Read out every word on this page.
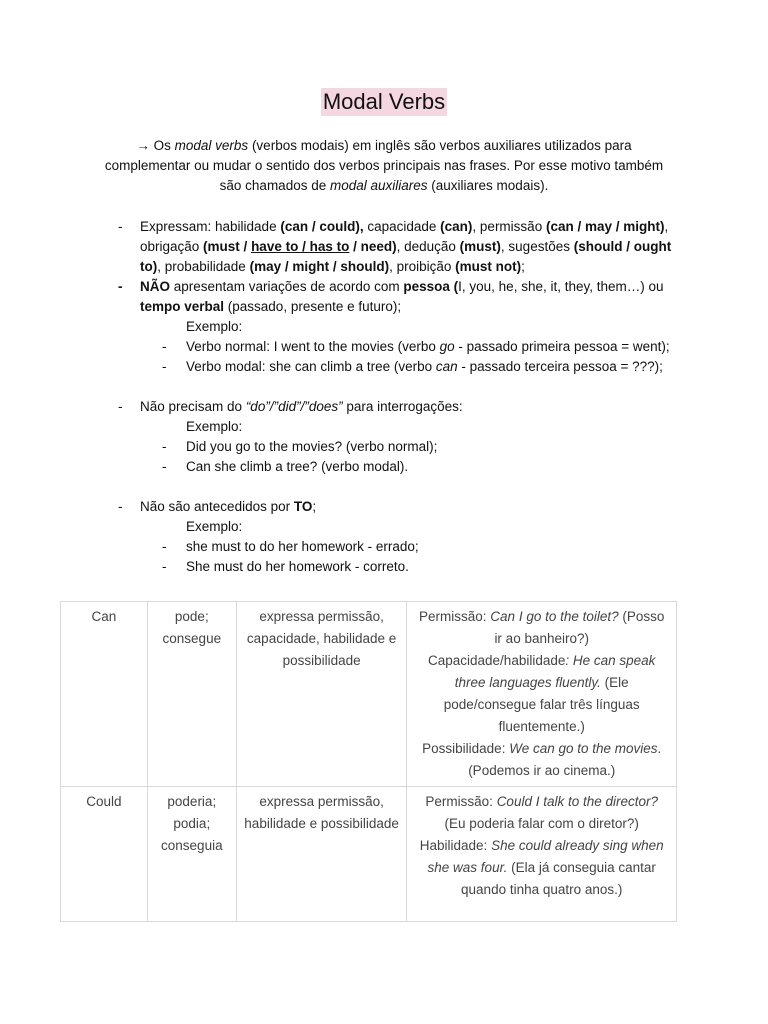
Modal Verbs

→ Os modal verbs (verbos modais) em inglês são verbos auxiliares utilizados para complementar ou mudar o sentido dos verbos principais nas frases. Por esse motivo também são chamados de modal auxiliares (auxiliares modais).

- Expressam: habilidade (can / could), capacidade (can), permissão (can / may / might), obrigação (must / have to / has to / need), dedução (must), sugestões (should / ought to), probabilidade (may / might / should), proibição (must not);
- NÃO apresentam variações de acordo com pessoa (I, you, he, she, it, they, them…) ou tempo verbal (passado, presente e futuro);
Exemplo:
- Verbo normal: I went to the movies (verbo go - passado primeira pessoa = went);
- Verbo modal: she can climb a tree (verbo can - passado terceira pessoa = ???);
- Não precisam do “do”/”did”/”does” para interrogações:
Exemplo:
- Did you go to the movies? (verbo normal);
- Can she climb a tree? (verbo modal).
- Não são antecedidos por TO;
Exemplo:
- she must to do her homework - errado;
- She must do her homework - correto.
Can	pode; consegue	expressa permissão, capacidade, habilidade e possibilidade	Permissão: Can I go to the toilet? (Posso ir ao banheiro?)
Capacidade/habilidade: He can speak three languages fluently. (Ele pode/consegue falar três línguas fluentemente.)
Possibilidade: We can go to the movies. (Podemos ir ao cinema.)
Could	poderia; podia; conseguia	expressa permissão, habilidade e possibilidade	Permissão: Could I talk to the director? (Eu poderia falar com o diretor?)
Habilidade: She could already sing when she was four. (Ela já conseguia cantar quando tinha quatro anos.)
